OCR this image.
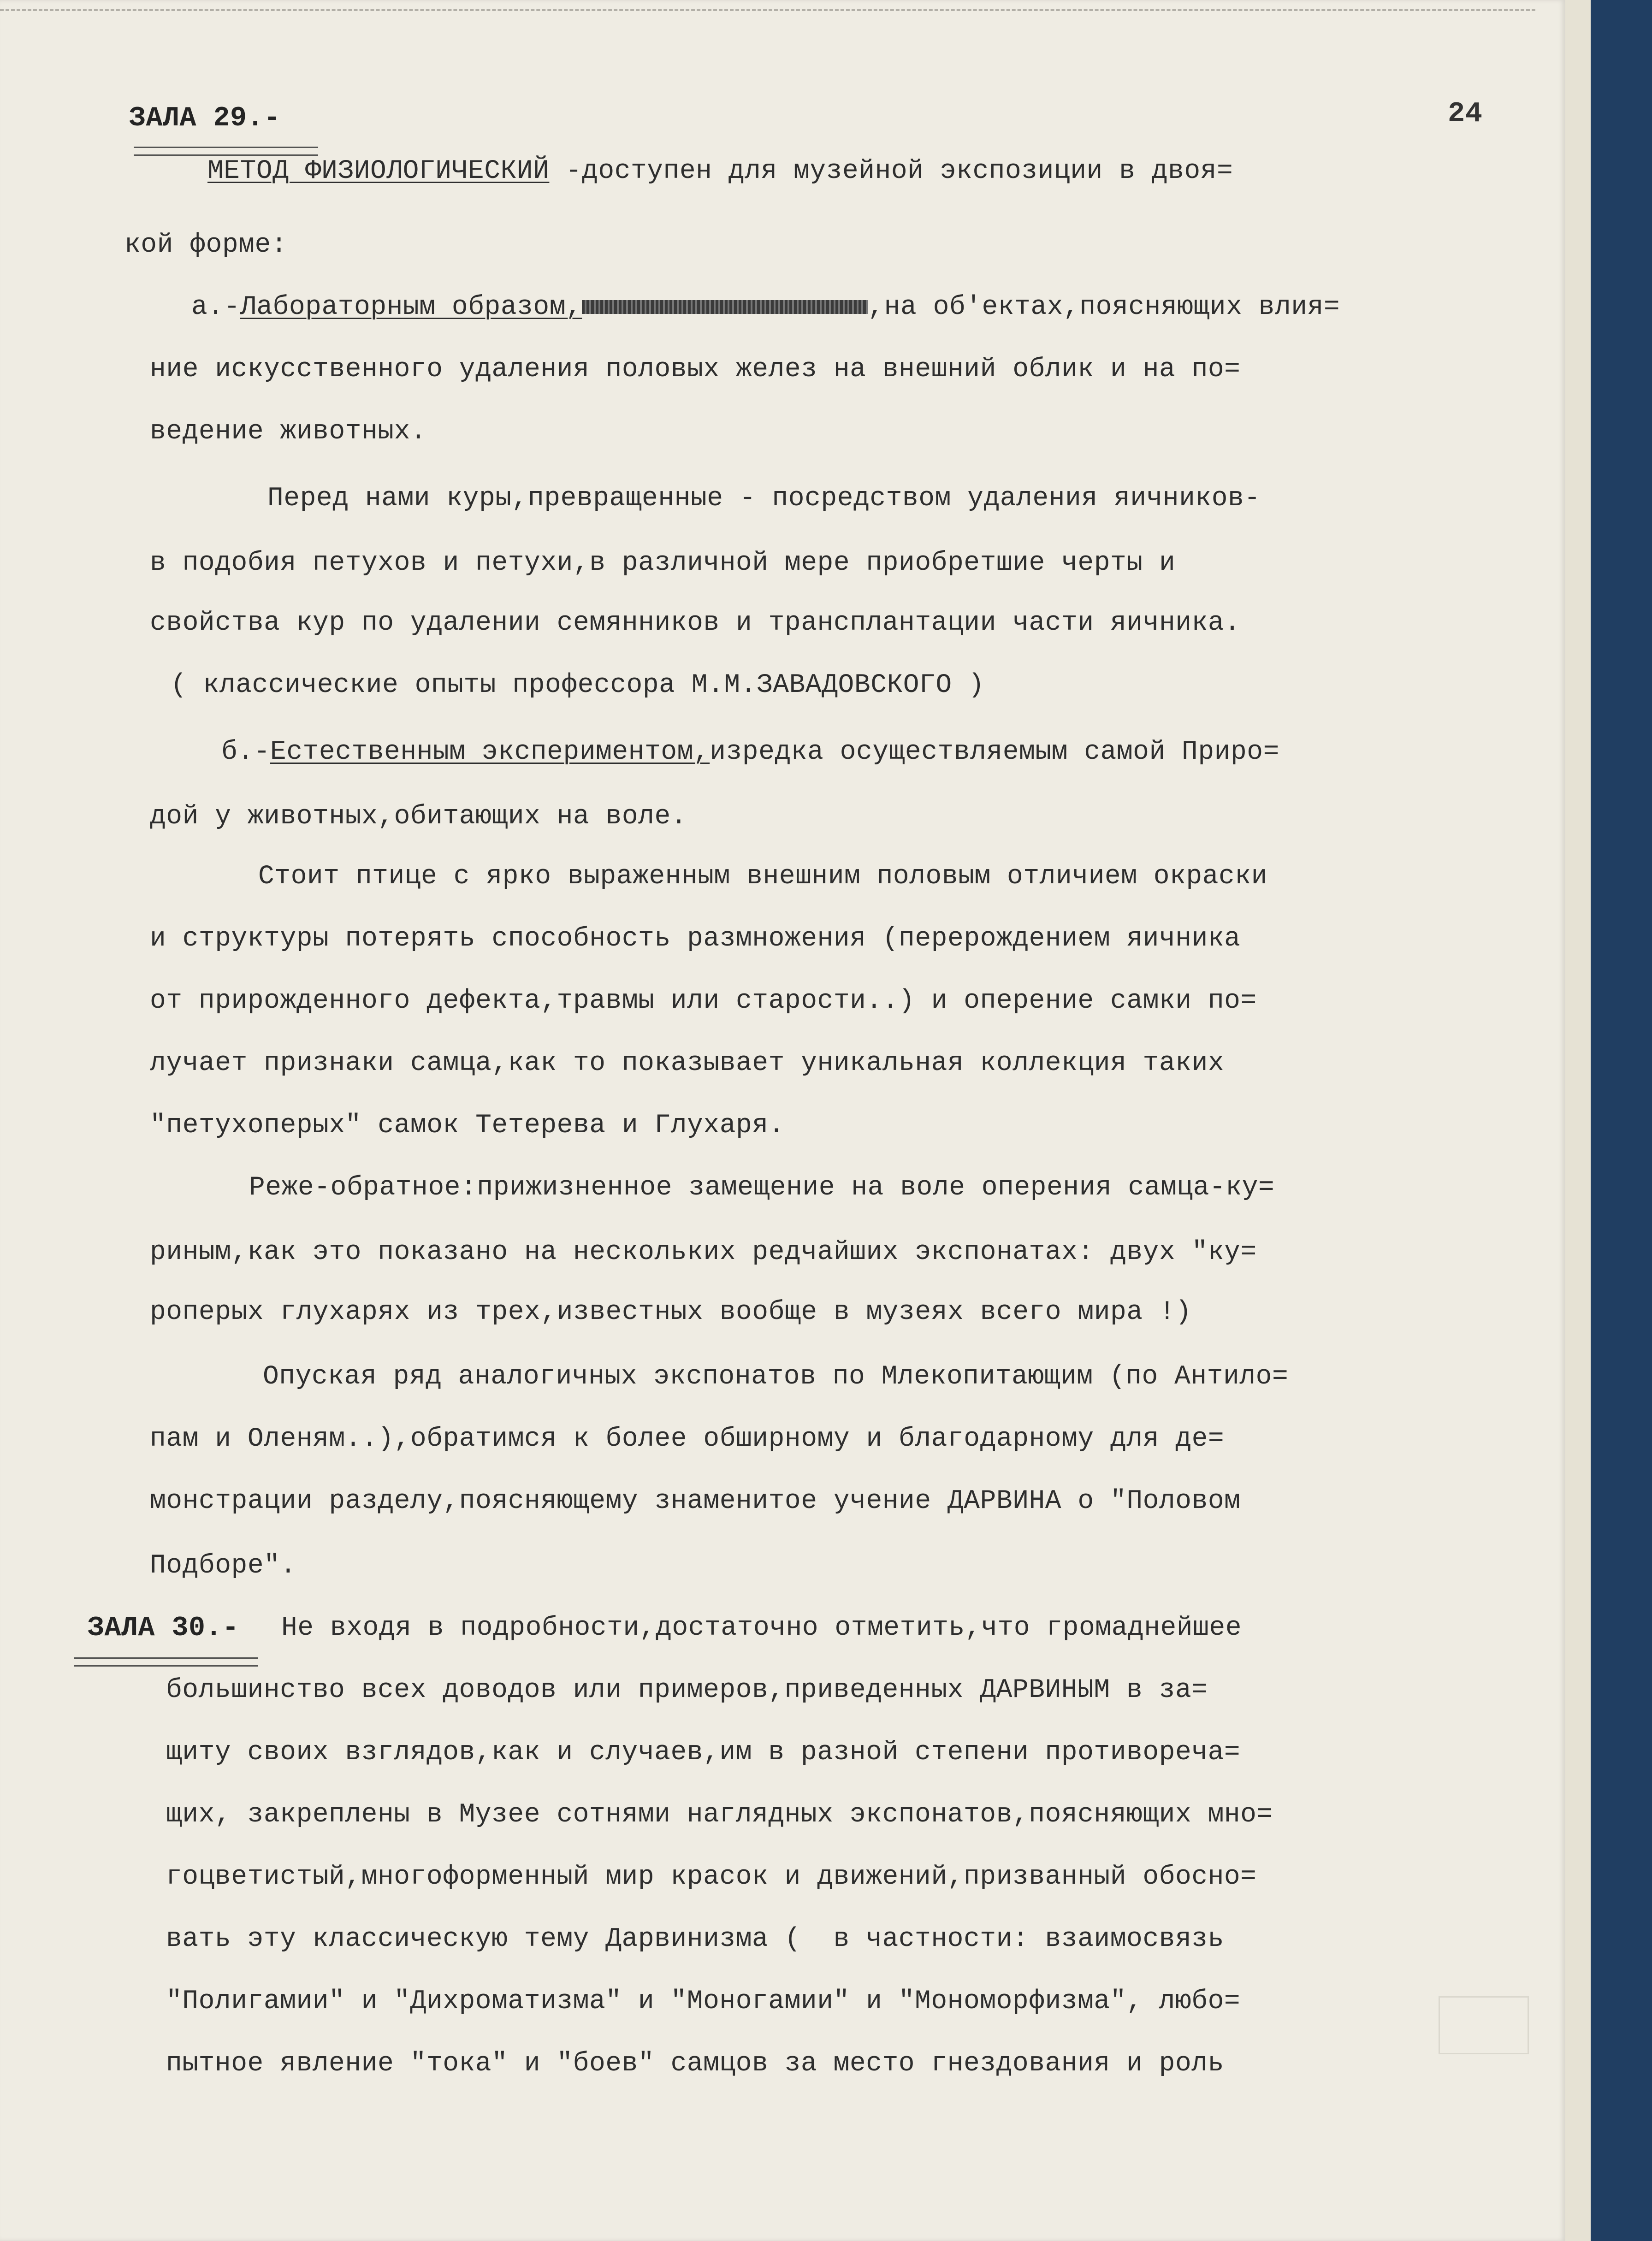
ЗАЛА 29.-	24

МЕТОД ФИЗИОЛОГИЧЕСКИЙ -доступен для музейной экспозиции в двоя=

кой форме:

а.-Лабораторным образом,	,на об'ектах,поясняющих влия=

ние искусственного удаления половых желез на внешний облик и на по=

ведение животных.

Перед нами куры,превращенные - посредством удаления яичников-

в подобия петухов и петухи,в различной мере приобретшие черты и

свойства кур по удалении семянников и трансплантации части яичника.

( классические опыты профессора М.М.ЗАВАДОВСКОГО )

б.-Естественным экспериментом,изредка осуществляемым самой Приро=

дой у животных,обитающих на воле.

Стоит птице с ярко выраженным внешним половым отличием окраски

и структуры потерять способность размножения (перерождением яичника

от прирожденного дефекта,травмы или старости..) и оперение самки по=

лучает признаки самца,как то показывает уникальная коллекция таких

"петухоперых" самок Тетерева и Глухаря.

Реже-обратное:прижизненное замещение на воле оперения самца-ку=

риным,как это показано на нескольких редчайших экспонатах: двух "ку=

роперых глухарях из трех,известных вообще в музеях всего мира !)

Опуская ряд аналогичных экспонатов по Млекопитающим (по Антило=

пам и Оленям..),обратимся к более обширному и благодарному для де=

монстрации разделу,поясняющему знаменитое учение ДАРВИНА о "Половом

Подборе".

ЗАЛА 30.- Не входя в подробности,достаточно отметить,что громаднейшее

большинство всех доводов или примеров,приведенных ДАРВИНЫМ в за=

щиту своих взглядов,как и случаев,им в разной степени противореча=

щих, закреплены в Музее сотнями наглядных экспонатов,поясняющих мно=

гоцветистый,многоформенный мир красок и движений,призванный обосно=

вать эту классическую тему Дарвинизма (  в частности: взаимосвязь

"Полигамии" и "Дихроматизма" и "Моногамии" и "Мономорфизма", любо=

пытное явление "тока" и "боев" самцов за место гнездования и роль
